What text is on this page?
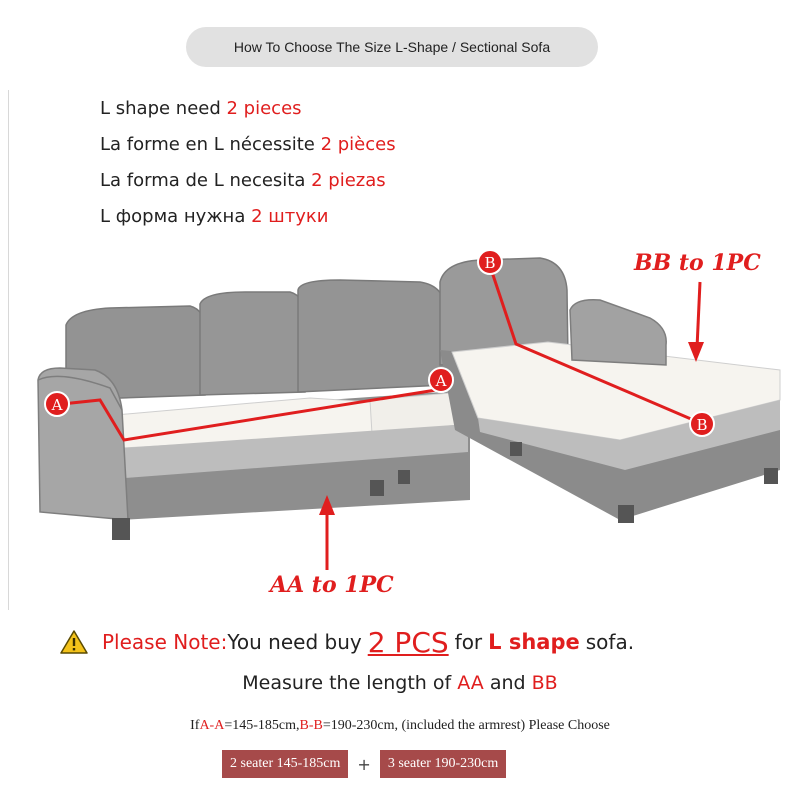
How To Choose The Size L-Shape / Sectional Sofa
L shape need 2 pieces
La forme en L nécessite 2 pièces
La forma de L necesita 2 piezas
L форма нужна 2 штуки
A
A
B
B
AA to 1PC
BB to 1PC
Please Note: You need buy 2 PCS for L shape sofa.
Measure the length of AA and BB
IfA-A=145-185cm,B-B=190-230cm, (included the armrest) Please Choose
2 seater 145-185cm	+	3 seater 190-230cm
